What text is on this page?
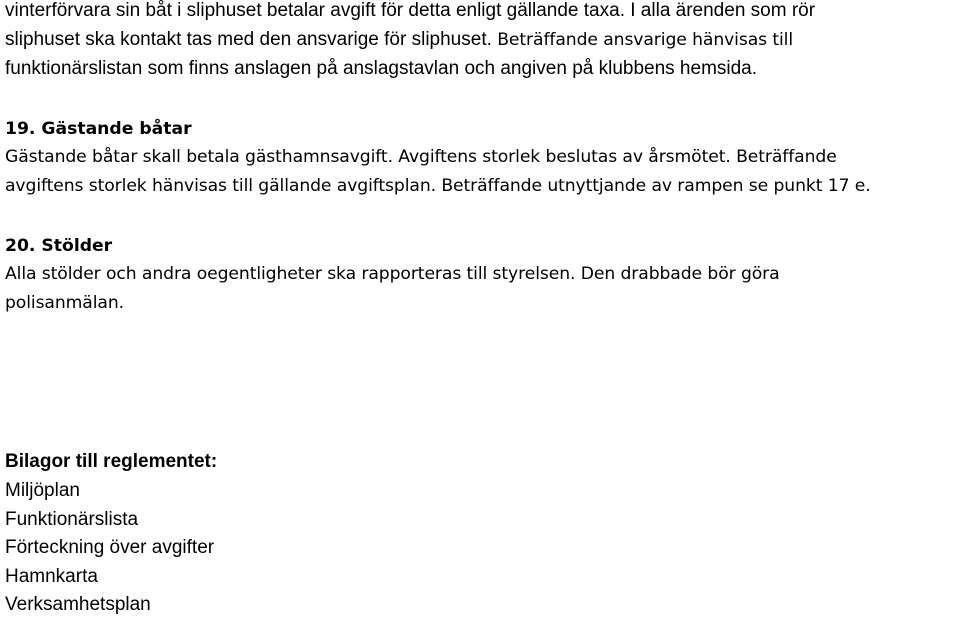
vinterförvara sin båt i sliphuset betalar avgift för detta enligt gällande taxa. I alla ärenden som rör
sliphuset ska kontakt tas med den ansvarige för sliphuset. Beträffande ansvarige hänvisas till
funktionärslistan som finns anslagen på anslagstavlan och angiven på klubbens hemsida.
19. Gästande båtar
Gästande båtar skall betala gästhamnsavgift. Avgiftens storlek beslutas av årsmötet. Beträffande
avgiftens storlek hänvisas till gällande avgiftsplan. Beträffande utnyttjande av rampen se punkt 17 e.
20. Stölder
Alla stölder och andra oegentligheter ska rapporteras till styrelsen. Den drabbade bör göra
polisanmälan.
Bilagor till reglementet:
Miljöplan
Funktionärslista
Förteckning över avgifter
Hamnkarta
Verksamhetsplan
